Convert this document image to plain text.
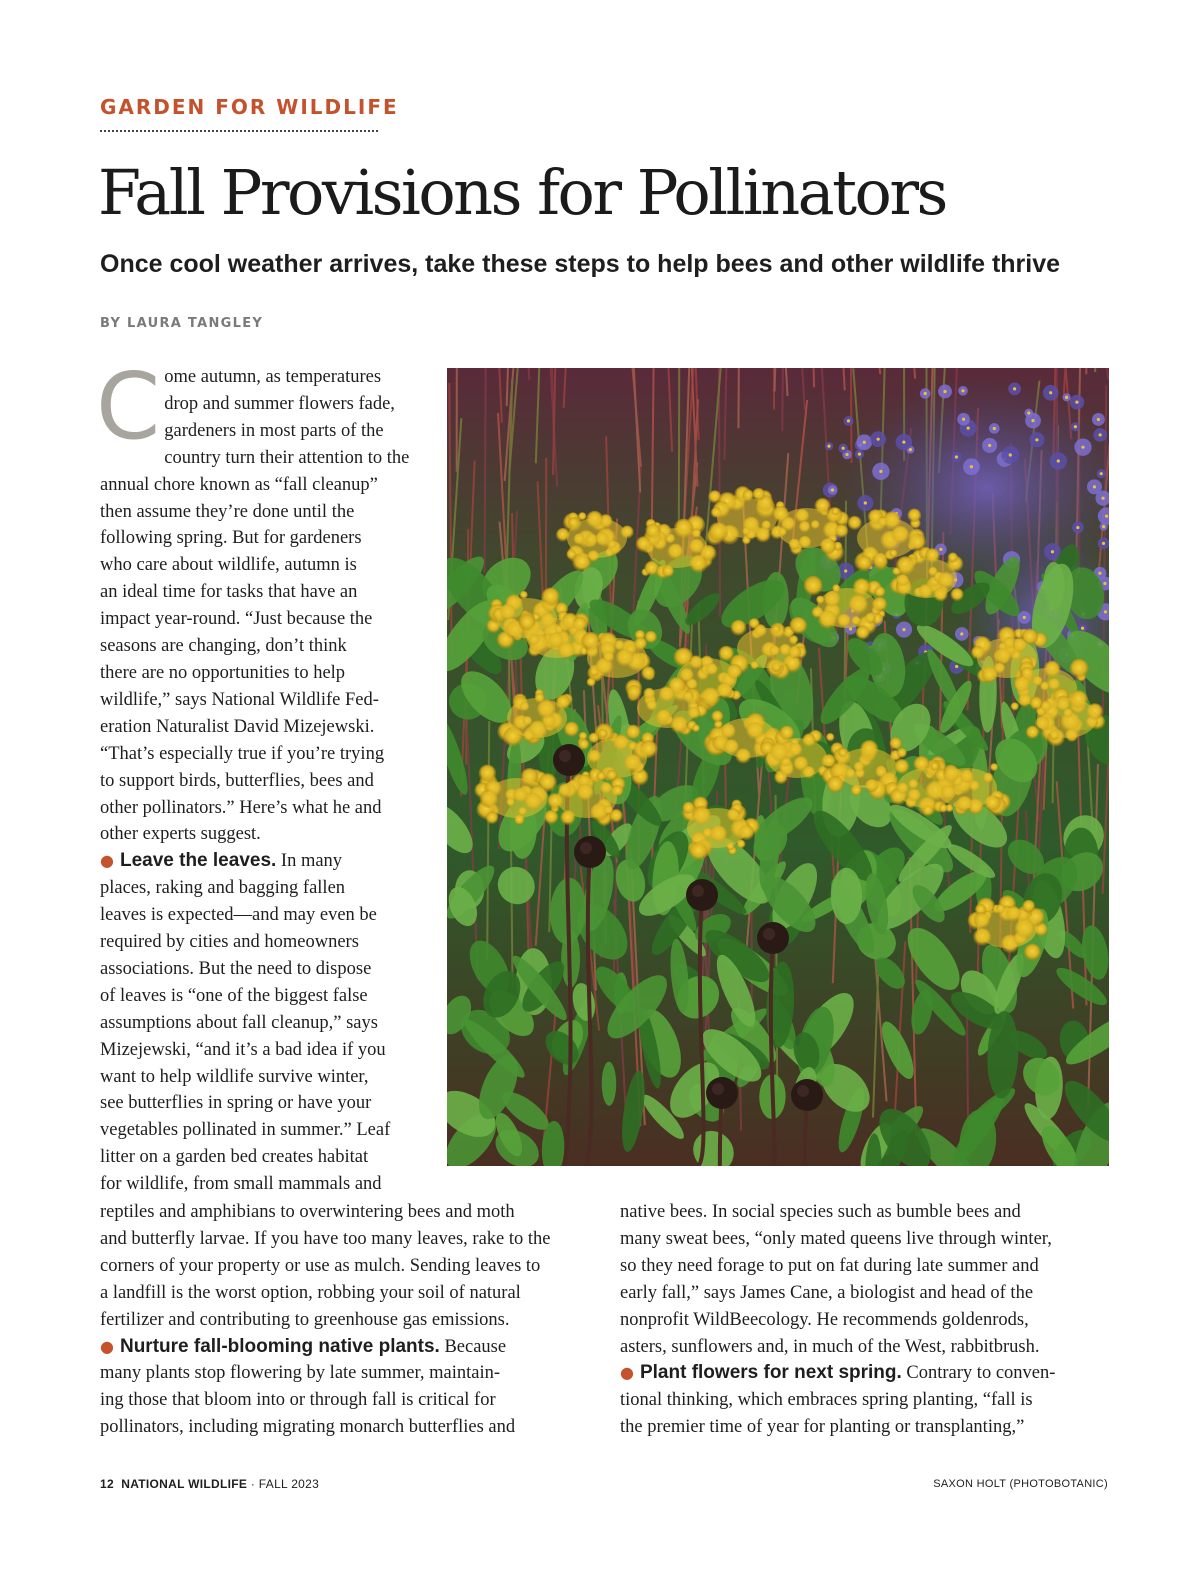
GARDEN FOR WILDLIFE
Fall Provisions for Pollinators
Once cool weather arrives, take these steps to help bees and other wildlife thrive
BY LAURA TANGLEY
C ome autumn, as temperatures
drop and summer flowers fade,
gardeners in most parts of the
country turn their attention to the
annual chore known as “fall cleanup”
then assume they’re done until the
following spring. But for gardeners
who care about wildlife, autumn is
an ideal time for tasks that have an
impact year-round. “Just because the
seasons are changing, don’t think
there are no opportunities to help
wildlife,” says National Wildlife Fed-
eration Naturalist David Mizejewski.
“That’s especially true if you’re trying
to support birds, butterflies, bees and
other pollinators.” Here’s what he and
other experts suggest.
● Leave the leaves. In many
places, raking and bagging fallen
leaves is expected—and may even be
required by cities and homeowners
associations. But the need to dispose
of leaves is “one of the biggest false
assumptions about fall cleanup,” says
Mizejewski, “and it’s a bad idea if you
want to help wildlife survive winter,
see butterflies in spring or have your
vegetables pollinated in summer.” Leaf
litter on a garden bed creates habitat
for wildlife, from small mammals and
reptiles and amphibians to overwintering bees and moth
and butterfly larvae. If you have too many leaves, rake to the
corners of your property or use as mulch. Sending leaves to
a landfill is the worst option, robbing your soil of natural
fertilizer and contributing to greenhouse gas emissions.
● Nurture fall-blooming native plants. Because
many plants stop flowering by late summer, maintain-
ing those that bloom into or through fall is critical for
pollinators, including migrating monarch butterflies and
native bees. In social species such as bumble bees and
many sweat bees, “only mated queens live through winter,
so they need forage to put on fat during late summer and
early fall,” says James Cane, a biologist and head of the
nonprofit WildBeecology. He recommends goldenrods,
asters, sunflowers and, in much of the West, rabbitbrush.
● Plant flowers for next spring. Contrary to conven-
tional thinking, which embraces spring planting, “fall is
the premier time of year for planting or transplanting,”
12 NATIONAL WILDLIFE · FALL 2023	SAXON HOLT (PHOTOBOTANIC)
